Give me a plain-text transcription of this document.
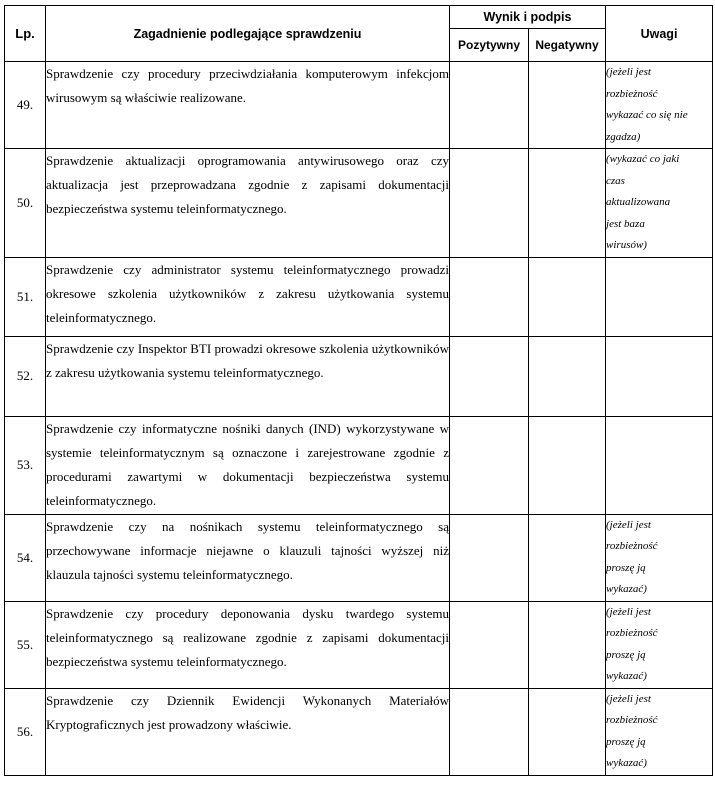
Lp.	Zagadnienie podlegające sprawdzeniu	Wynik i podpis		Uwagi
		Pozytywny	Negatywny	
49.	Sprawdzenie czy procedury przeciwdziałania komputerowym infekcjom wirusowym są właściwie realizowane.			(jeżeli jest
rozbieżność
wykazać co się nie
zgadza)

50.	Sprawdzenie aktualizacji oprogramowania antywirusowego oraz czy aktualizacja jest przeprowadzana zgodnie z zapisami dokumentacji bezpieczeństwa systemu teleinformatycznego.			(wykazać co jaki
czas
aktualizowana
jest baza
wirusów)

51.	Sprawdzenie czy administrator systemu teleinformatycznego prowadzi okresowe szkolenia użytkowników z zakresu użytkowania systemu teleinformatycznego.			
52.	Sprawdzenie czy Inspektor BTI prowadzi okresowe szkolenia użytkowników z zakresu użytkowania systemu teleinformatycznego.			
53.	Sprawdzenie czy informatyczne nośniki danych (IND) wykorzystywane w systemie teleinformatycznym są oznaczone i zarejestrowane zgodnie z procedurami zawartymi w dokumentacji bezpieczeństwa systemu teleinformatycznego.			
54.	Sprawdzenie czy na nośnikach systemu teleinformatycznego są przechowywane informacje niejawne o klauzuli tajności wyższej niż klauzula tajności systemu teleinformatycznego.			(jeżeli jest
rozbieżność
proszę ją
wykazać)

55.	Sprawdzenie czy procedury deponowania dysku twardego systemu teleinformatycznego są realizowane zgodnie z zapisami dokumentacji bezpieczeństwa systemu teleinformatycznego.			(jeżeli jest
rozbieżność
proszę ją
wykazać)

56.	Sprawdzenie czy Dziennik Ewidencji Wykonanych Materiałów Kryptograficznych jest prowadzony właściwie.			(jeżeli jest
rozbieżność
proszę ją
wykazać)
